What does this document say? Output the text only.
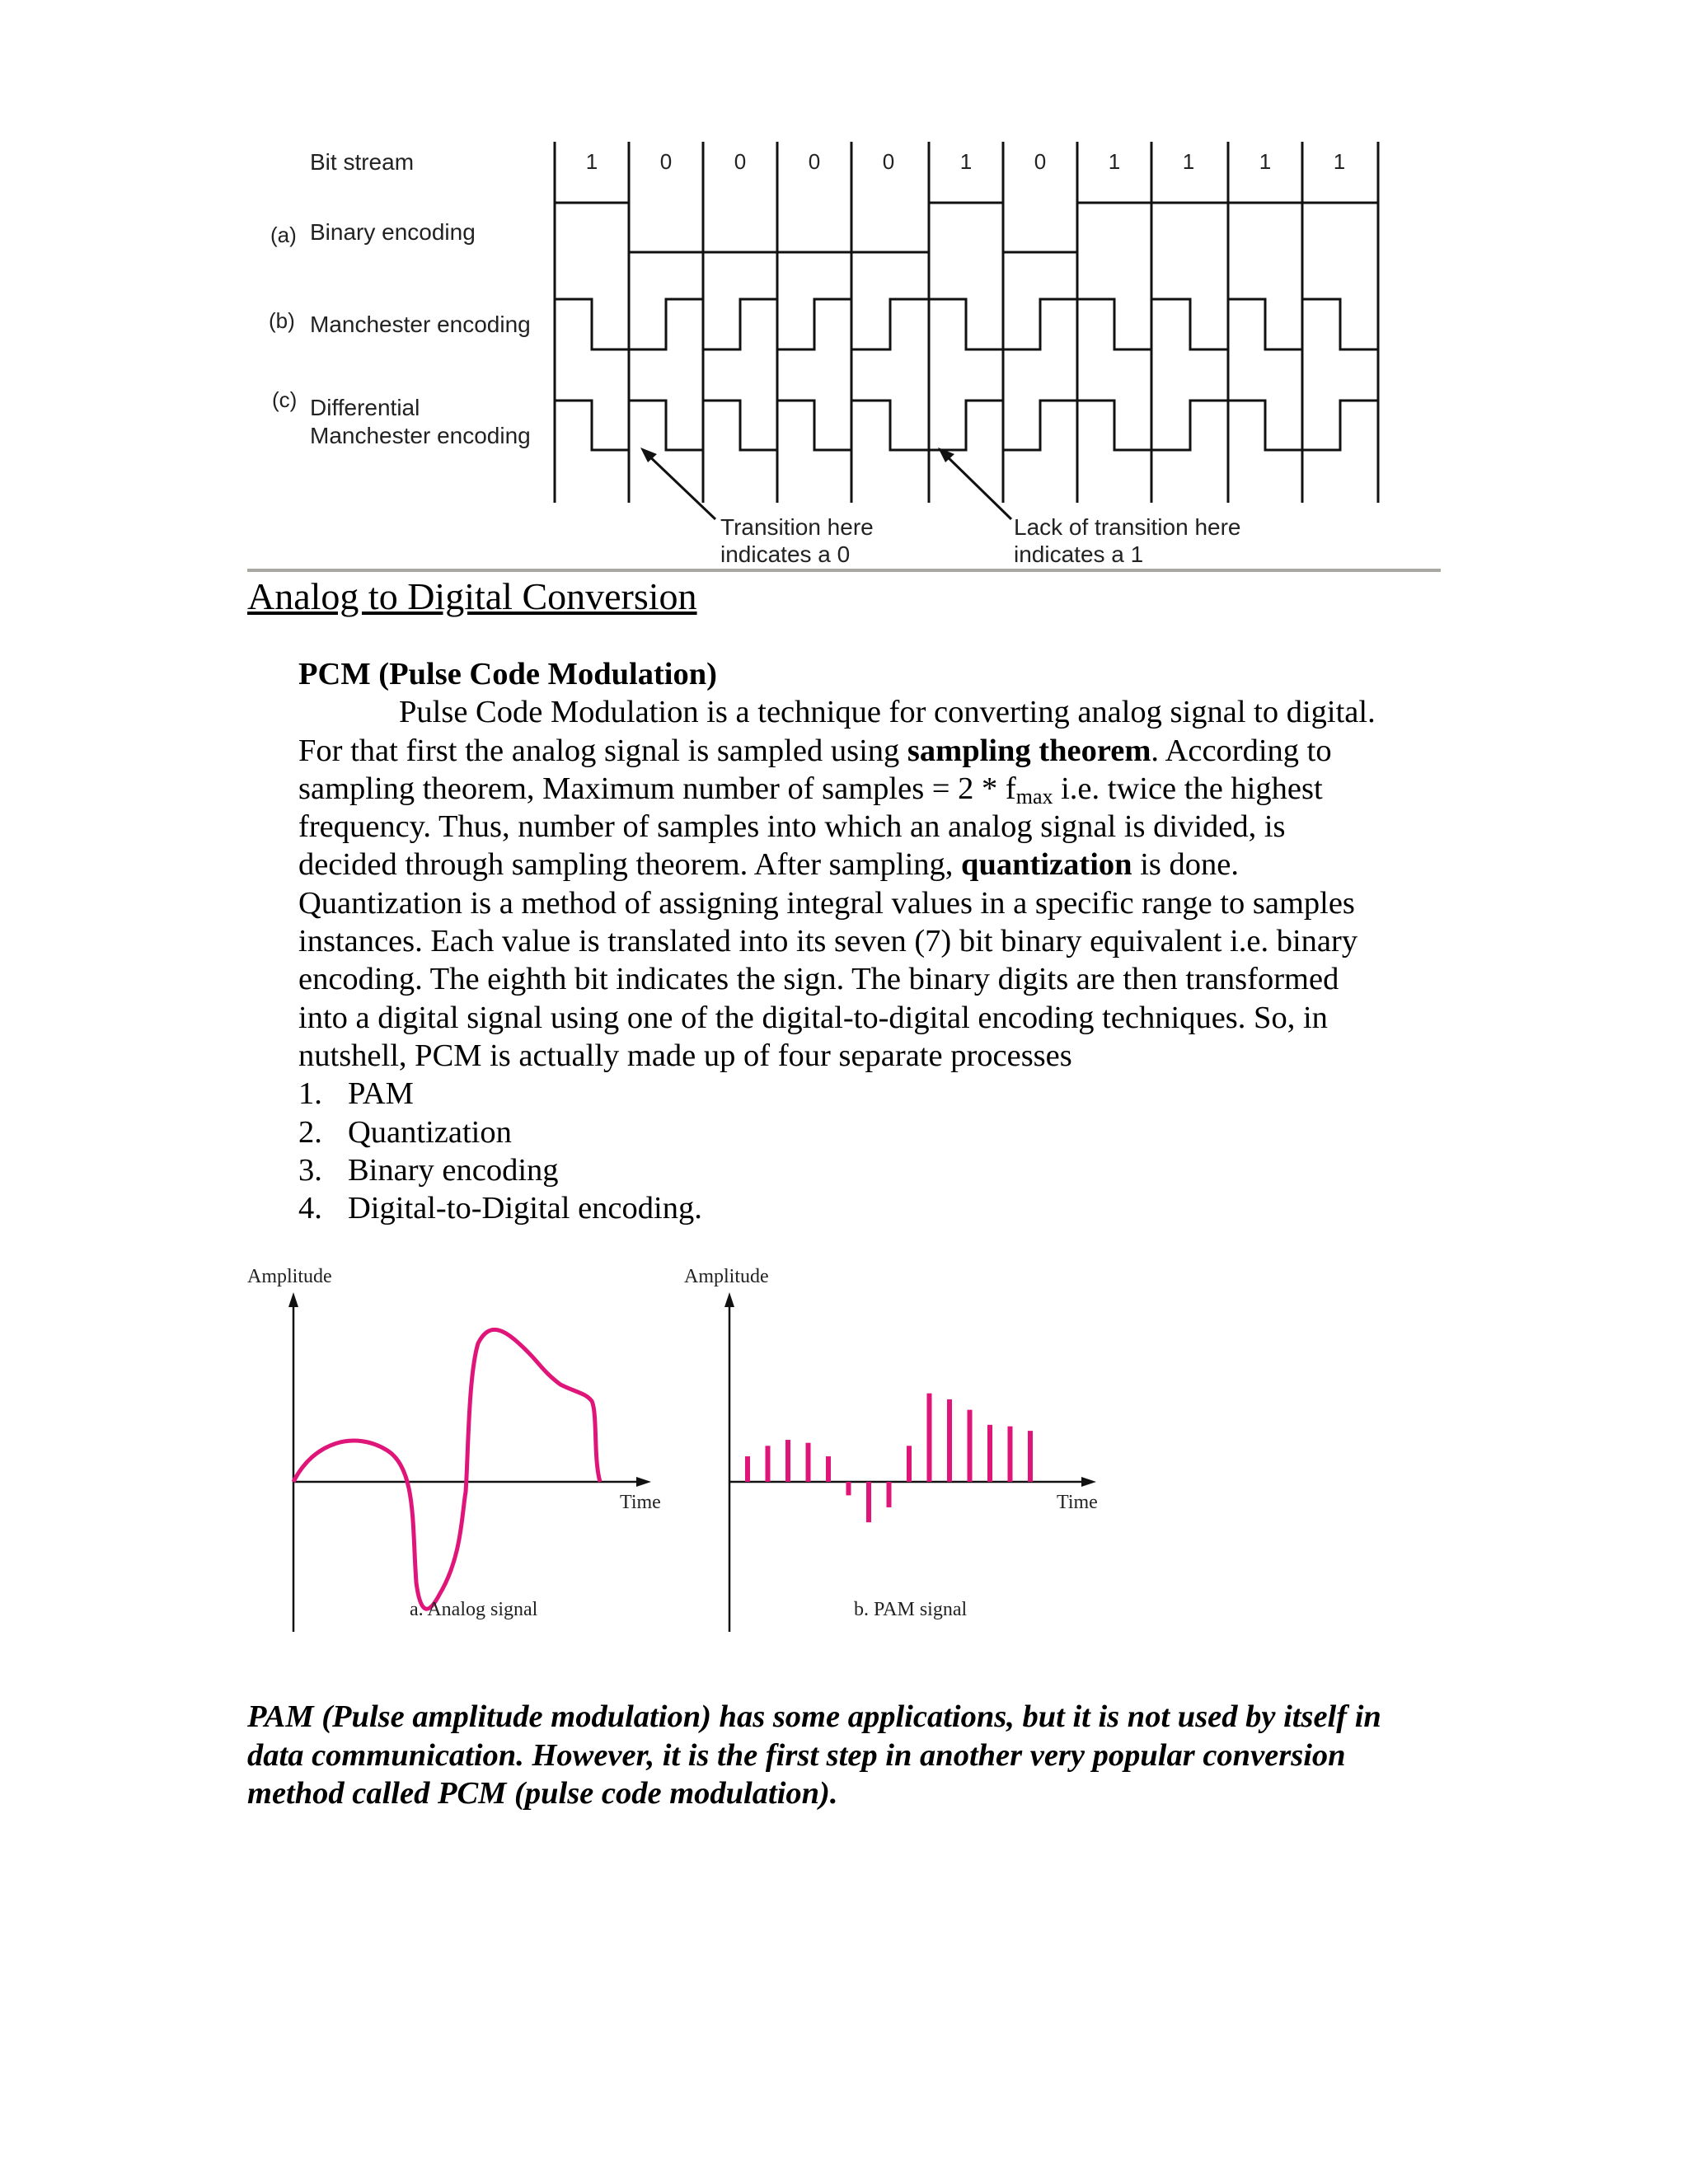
Bit stream	1	0	0	0	0	1	0	1	1	1	1
(a) Binary encoding
(b) Manchester encoding
(c) Differential
Manchester encoding
Transition here
indicates a 0
Lack of transition here
indicates a 1
Analog to Digital Conversion
PCM (Pulse Code Modulation)
Pulse Code Modulation is a technique for converting analog signal to digital.
For that first the analog signal is sampled using sampling theorem. According to
sampling theorem, Maximum number of samples = $2 * f_{max}$ i.e. twice the highest
frequency. Thus, number of samples into which an analog signal is divided, is
decided through sampling theorem. After sampling, quantization is done.
Quantization is a method of assigning integral values in a specific range to samples
instances. Each value is translated into its seven (7) bit binary equivalent i.e. binary
encoding. The eighth bit indicates the sign. The binary digits are then transformed
into a digital signal using one of the digital-to-digital encoding techniques. So, in
nutshell, PCM is actually made up of four separate processes
1. PAM
2. Quantization
3. Binary encoding
4. Digital-to-Digital encoding.
Amplitude
Time
a. Analog signal
Amplitude
Time
b. PAM signal
PAM (Pulse amplitude modulation) has some applications, but it is not used by itself in
data communication. However, it is the first step in another very popular conversion
method called PCM (pulse code modulation).
